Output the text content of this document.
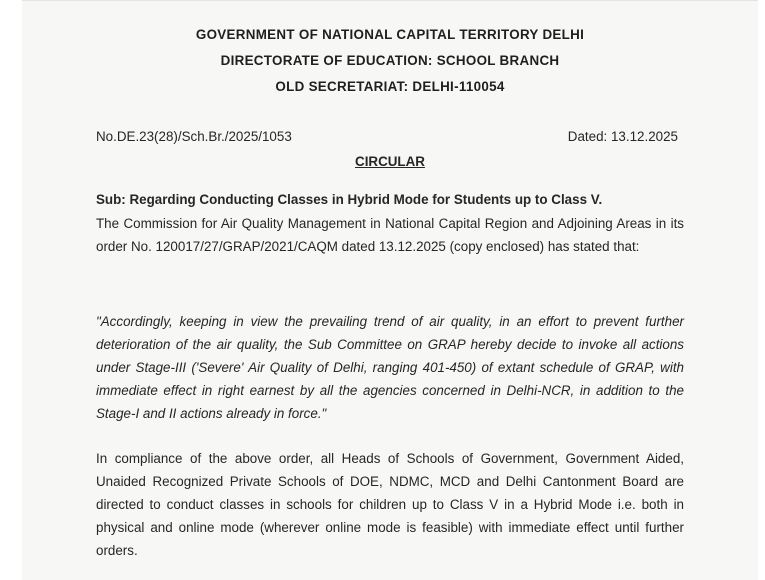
GOVERNMENT OF NATIONAL CAPITAL TERRITORY DELHI
DIRECTORATE OF EDUCATION: SCHOOL BRANCH
OLD SECRETARIAT: DELHI-110054
No.DE.23(28)/Sch.Br./2025/1053	Dated: 13.12.2025
CIRCULAR
Sub: Regarding Conducting Classes in Hybrid Mode for Students up to Class V.
The Commission for Air Quality Management in National Capital Region and Adjoining Areas in its order No. 120017/27/GRAP/2021/CAQM dated 13.12.2025 (copy enclosed) has stated that:
"Accordingly, keeping in view the prevailing trend of air quality, in an effort to prevent further deterioration of the air quality, the Sub Committee on GRAP hereby decide to invoke all actions under Stage-III ('Severe' Air Quality of Delhi, ranging 401-450) of extant schedule of GRAP, with immediate effect in right earnest by all the agencies concerned in Delhi-NCR, in addition to the Stage-I and II actions already in force."
In compliance of the above order, all Heads of Schools of Government, Government Aided, Unaided Recognized Private Schools of DOE, NDMC, MCD and Delhi Cantonment Board are directed to conduct classes in schools for children up to Class V in a Hybrid Mode i.e. both in physical and online mode (wherever online mode is feasible) with immediate effect until further orders.
